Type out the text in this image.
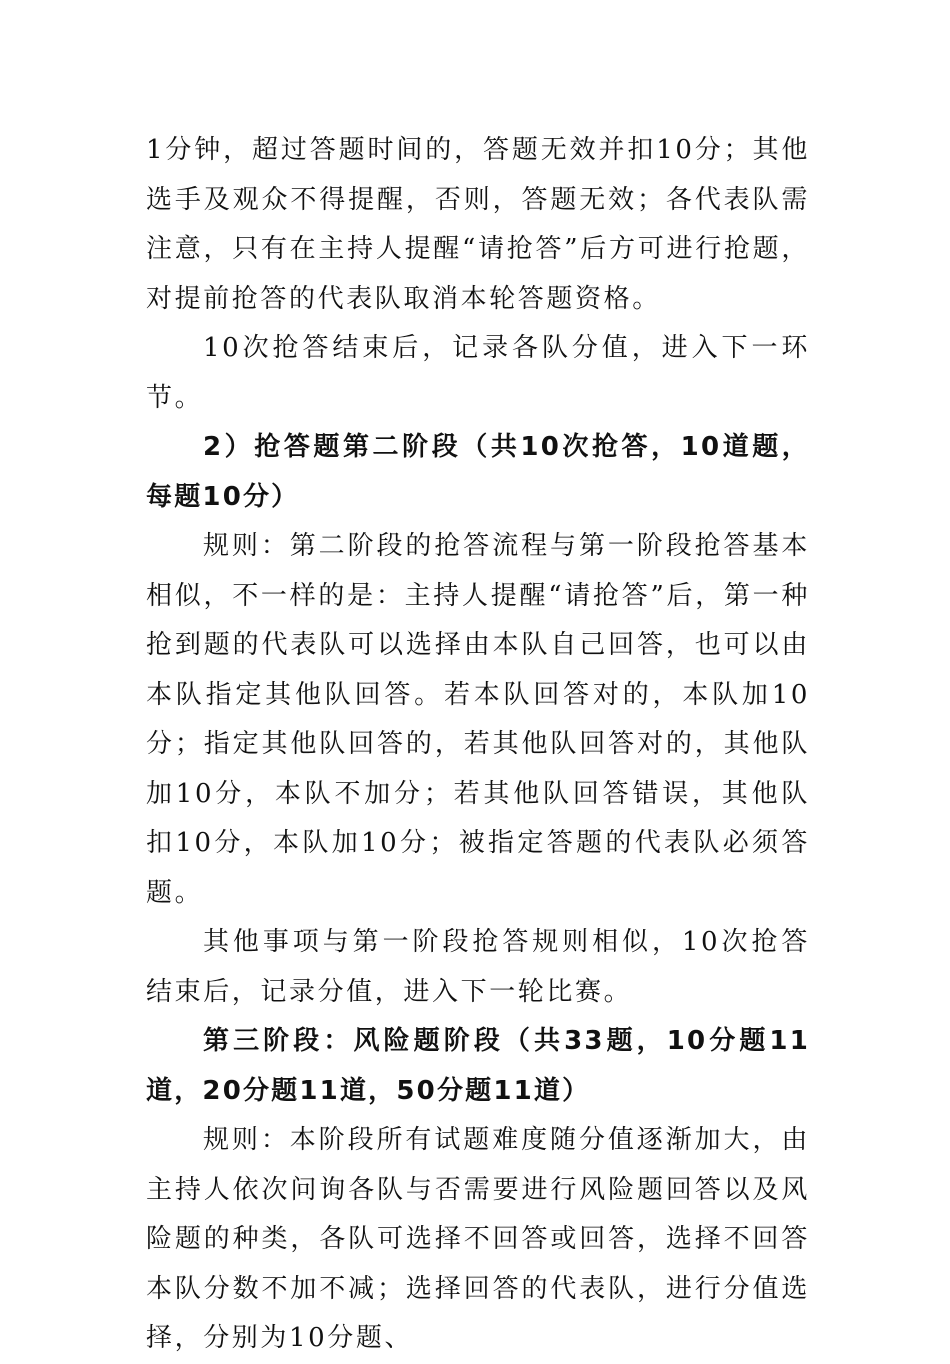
1分钟，超过答题时间的，答题无效并扣10分；其他选手及观众不得提醒，否则，答题无效；各代表队需注意，只有在主持人提醒“请抢答”后方可进行抢题，对提前抢答的代表队取消本轮答题资格。

10次抢答结束后，记录各队分值，进入下一环节。

2）抢答题第二阶段（共10次抢答，10道题，每题10分）

规则：第二阶段的抢答流程与第一阶段抢答基本相似，不一样的是：主持人提醒“请抢答”后，第一种抢到题的代表队可以选择由本队自己回答，也可以由本队指定其他队回答。若本队回答对的，本队加10分；指定其他队回答的，若其他队回答对的，其他队加10分，本队不加分；若其他队回答错误，其他队扣10分，本队加10分；被指定答题的代表队必须答题。

其他事项与第一阶段抢答规则相似，10次抢答结束后，记录分值，进入下一轮比赛。

第三阶段：风险题阶段（共33题，10分题11道，20分题11道，50分题11道）

规则：本阶段所有试题难度随分值逐渐加大，由主持人依次问询各队与否需要进行风险题回答以及风险题的种类，各队可选择不回答或回答，选择不回答本队分数不加不减；选择回答的代表队，进行分值选择，分别为10分题、
